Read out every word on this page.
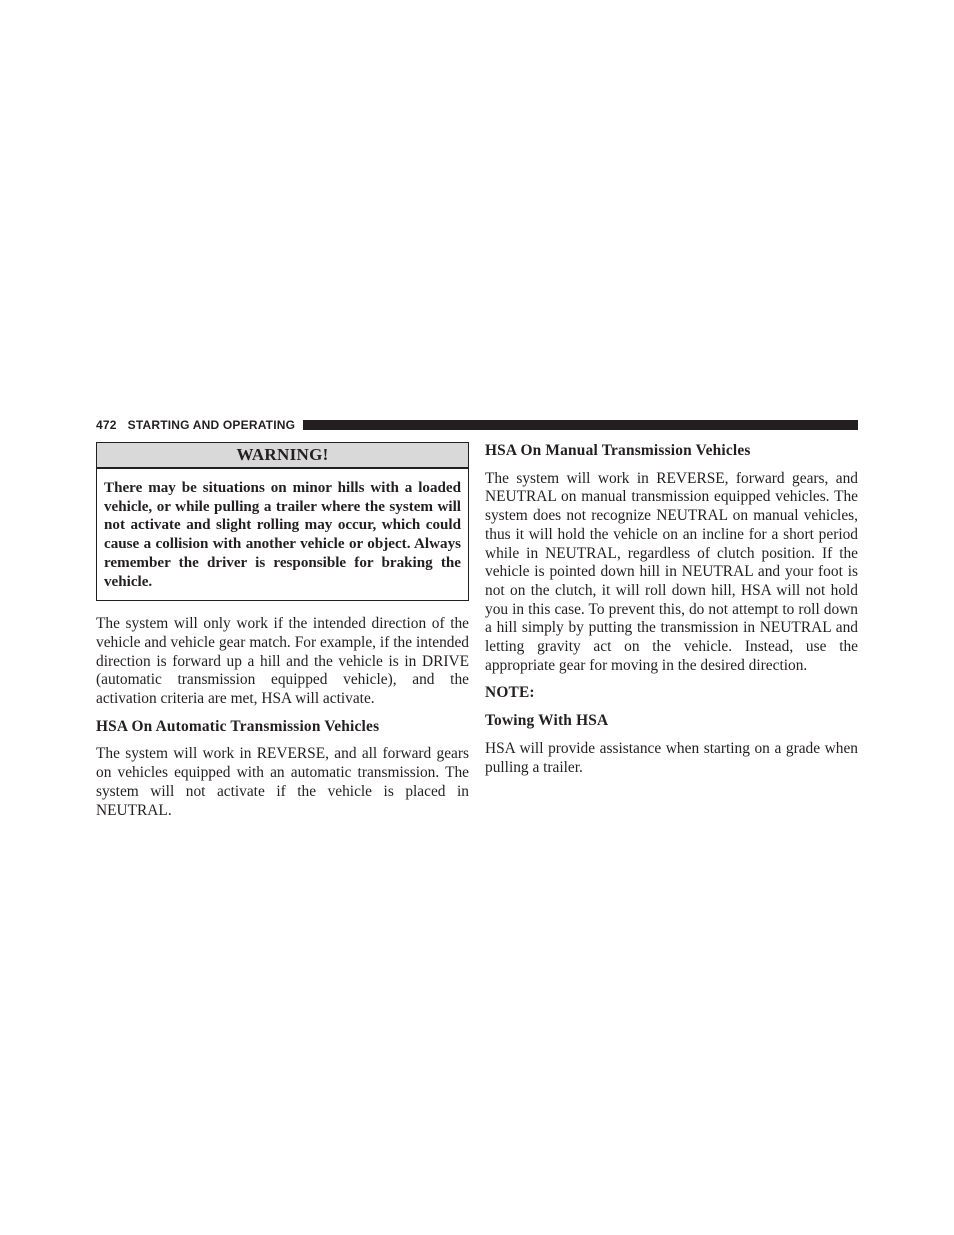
472 STARTING AND OPERATING
WARNING!
There may be situations on minor hills with a loaded vehicle, or while pulling a trailer where the system will not activate and slight rolling may occur, which could cause a collision with another vehicle or object. Always remember the driver is responsible for braking the vehicle.

The system will only work if the intended direction of the vehicle and vehicle gear match. For example, if the intended direction is forward up a hill and the vehicle is in DRIVE (automatic transmission equipped vehicle), and the activation criteria are met, HSA will activate.

HSA On Automatic Transmission Vehicles

The system will work in REVERSE, and all forward gears on vehicles equipped with an automatic transmission. The system will not activate if the vehicle is placed in NEUTRAL.

HSA On Manual Transmission Vehicles

The system will work in REVERSE, forward gears, and NEUTRAL on manual transmission equipped vehicles. The system does not recognize NEUTRAL on manual vehicles, thus it will hold the vehicle on an incline for a short period while in NEUTRAL, regardless of clutch position. If the vehicle is pointed down hill in NEUTRAL and your foot is not on the clutch, it will roll down hill, HSA will not hold you in this case. To prevent this, do not attempt to roll down a hill simply by putting the transmission in NEUTRAL and letting gravity act on the vehicle. Instead, use the appropriate gear for moving in the desired direction.

NOTE:

Towing With HSA

HSA will provide assistance when starting on a grade when pulling a trailer.
